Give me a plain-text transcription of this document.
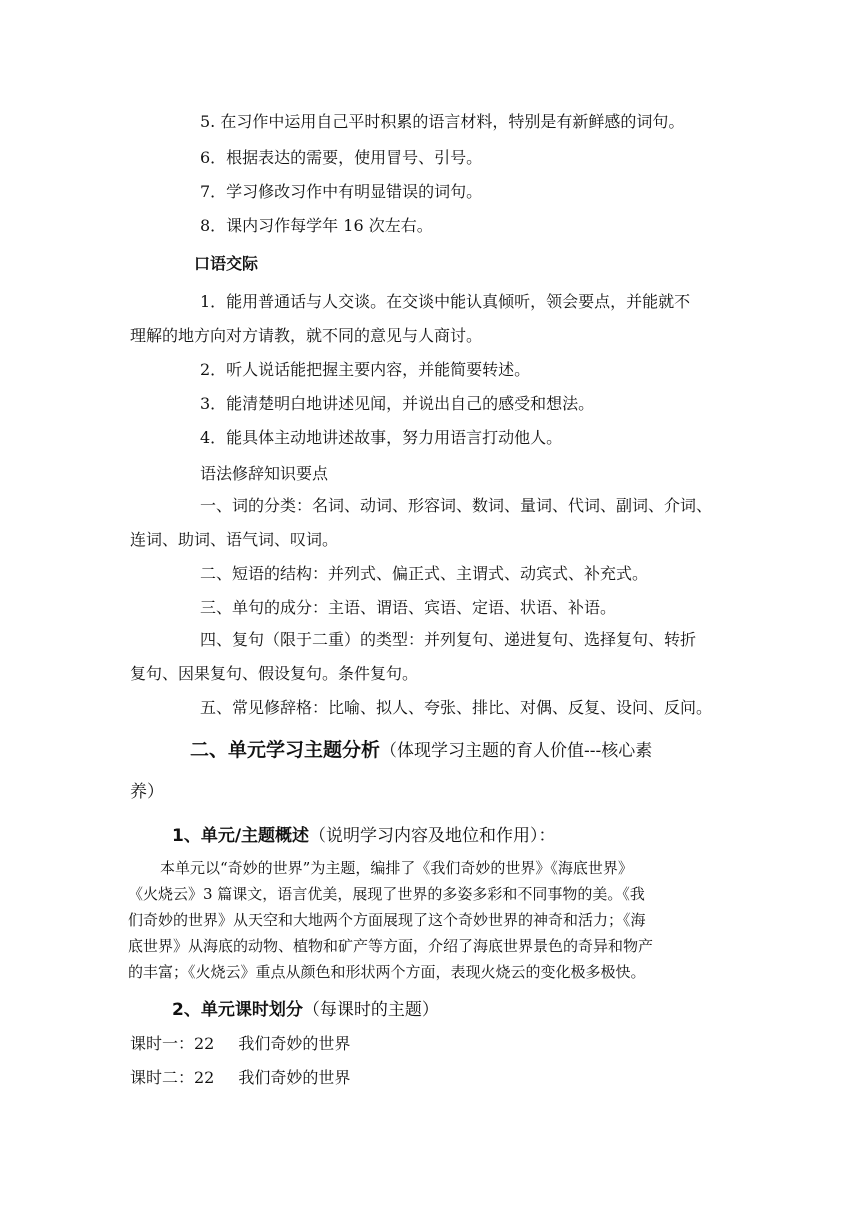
5. 在习作中运用自己平时积累的语言材料，特别是有新鲜感的词句。
6．根据表达的需要，使用冒号、引号。
7．学习修改习作中有明显错误的词句。
8．课内习作每学年 16 次左右。
口语交际
1．能用普通话与人交谈。在交谈中能认真倾听，领会要点，并能就不
理解的地方向对方请教，就不同的意见与人商讨。
2．听人说话能把握主要内容，并能简要转述。
3．能清楚明白地讲述见闻，并说出自己的感受和想法。
4．能具体主动地讲述故事，努力用语言打动他人。
语法修辞知识要点
一、词的分类：名词、动词、形容词、数词、量词、代词、副词、介词、
连词、助词、语气词、叹词。
二、短语的结构：并列式、偏正式、主谓式、动宾式、补充式。
三、单句的成分：主语、谓语、宾语、定语、状语、补语。
四、复句（限于二重）的类型：并列复句、递进复句、选择复句、转折
复句、因果复句、假设复句。条件复句。
五、常见修辞格：比喻、拟人、夸张、排比、对偶、反复、设问、反问。
二、单元学习主题分析（体现学习主题的育人价值---核心素
养）
1、单元/主题概述（说明学习内容及地位和作用）：
本单元以“奇妙的世界”为主题，编排了《我们奇妙的世界》《海底世界》
《火烧云》3 篇课文，语言优美，展现了世界的多姿多彩和不同事物的美。《我
们奇妙的世界》从天空和大地两个方面展现了这个奇妙世界的神奇和活力；《海
底世界》从海底的动物、植物和矿产等方面，介绍了海底世界景色的奇异和物产
的丰富；《火烧云》重点从颜色和形状两个方面，表现火烧云的变化极多极快。
2、单元课时划分（每课时的主题）
课时一：22 我们奇妙的世界
课时二：22 我们奇妙的世界
